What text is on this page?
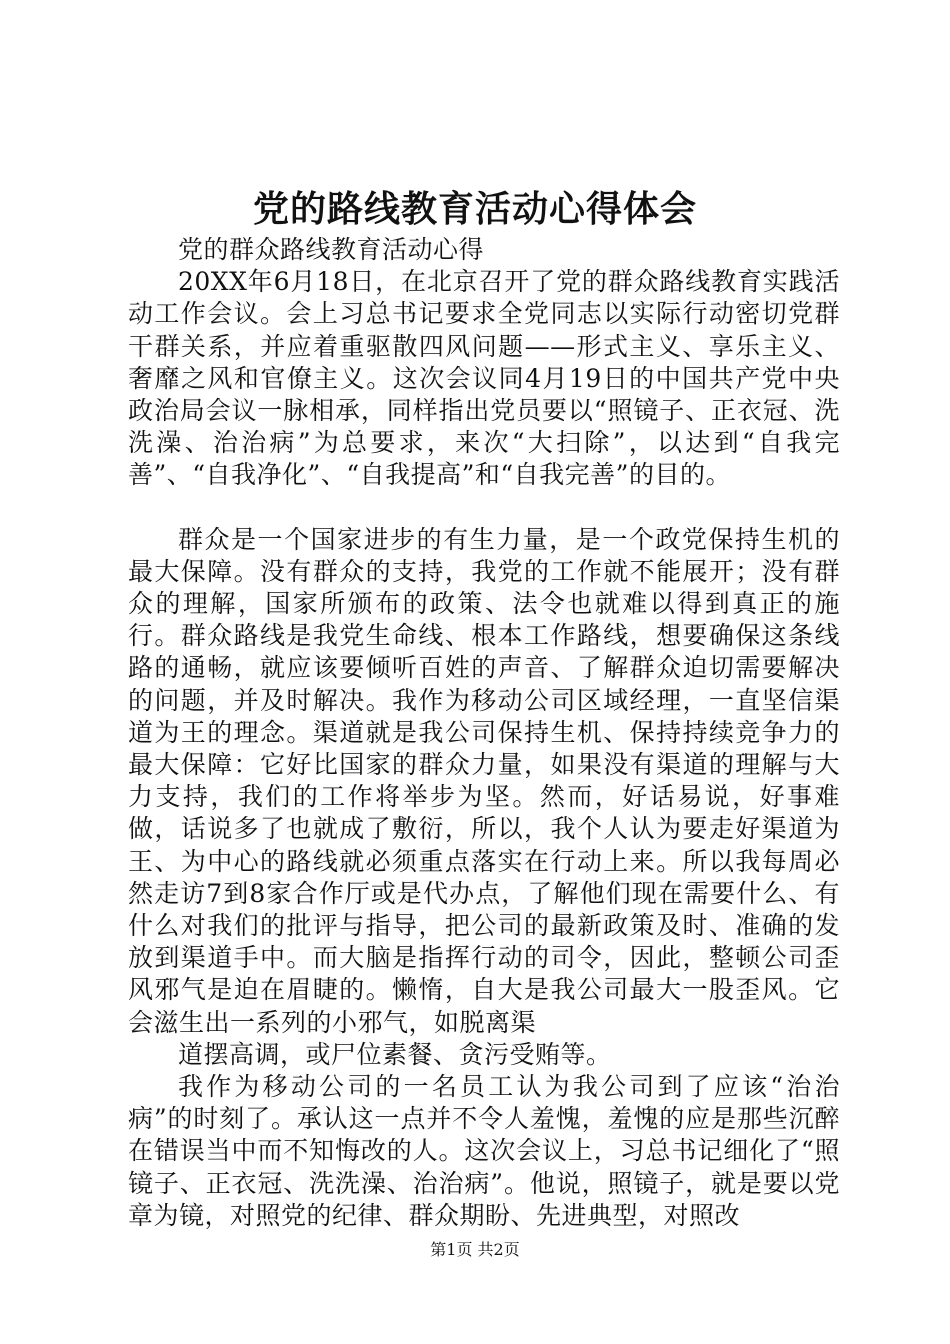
党的路线教育活动心得体会

党的群众路线教育活动心得

20XX年6月18日，在北京召开了党的群众路线教育实践活动工作会议。会上习总书记要求全党同志以实际行动密切党群干群关系，并应着重驱散四风问题——形式主义、享乐主义、奢靡之风和官僚主义。这次会议同4月19日的中国共产党中央政治局会议一脉相承，同样指出党员要以“照镜子、正衣冠、洗洗澡、治治病”为总要求，来次“大扫除”，以达到“自我完善”、“自我净化”、“自我提高”和“自我完善”的目的。

群众是一个国家进步的有生力量，是一个政党保持生机的最大保障。没有群众的支持，我党的工作就不能展开；没有群众的理解，国家所颁布的政策、法令也就难以得到真正的施行。群众路线是我党生命线、根本工作路线，想要确保这条线路的通畅，就应该要倾听百姓的声音、了解群众迫切需要解决的问题，并及时解决。我作为移动公司区域经理，一直坚信渠道为王的理念。渠道就是我公司保持生机、保持持续竞争力的最大保障：它好比国家的群众力量，如果没有渠道的理解与大力支持，我们的工作将举步为坚。然而，好话易说，好事难做，话说多了也就成了敷衍，所以，我个人认为要走好渠道为王、为中心的路线就必须重点落实在行动上来。所以我每周必然走访7到8家合作厅或是代办点，了解他们现在需要什么、有什么对我们的批评与指导，把公司的最新政策及时、准确的发放到渠道手中。而大脑是指挥行动的司令，因此，整顿公司歪风邪气是迫在眉睫的。懒惰，自大是我公司最大一股歪风。它会滋生出一系列的小邪气，如脱离渠

道摆高调，或尸位素餐、贪污受贿等。

我作为移动公司的一名员工认为我公司到了应该“治治病”的时刻了。承认这一点并不令人羞愧，羞愧的应是那些沉醉在错误当中而不知悔改的人。这次会议上，习总书记细化了“照镜子、正衣冠、洗洗澡、治治病”。他说，照镜子，就是要以党章为镜，对照党的纪律、群众期盼、先进典型，对照改

第1页 共2页
